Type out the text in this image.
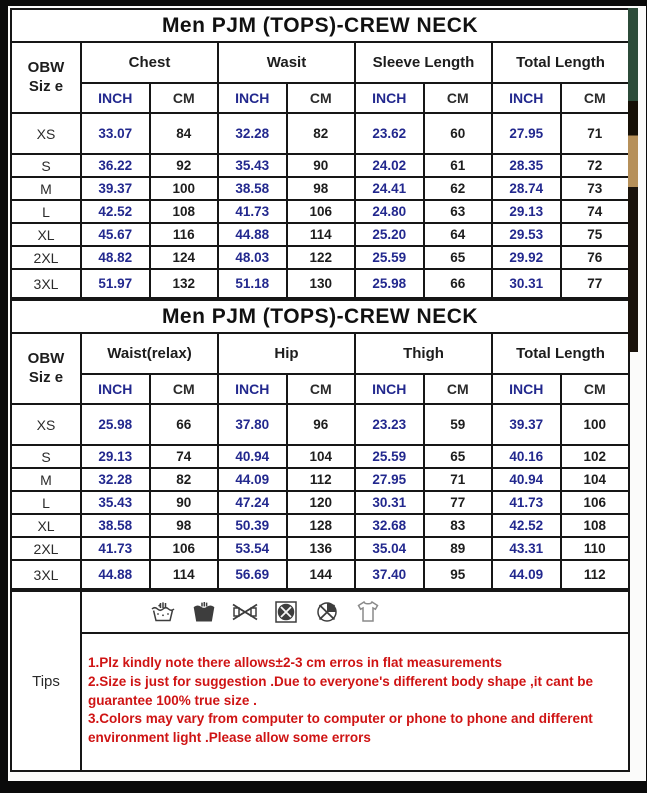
Men PJM (TOPS)-CREW NECK								

OBW
Siz e	Chest		Wasit		Sleeve Length		Total Length	
	INCH	CM	INCH	CM	INCH	CM	INCH	CM
XS	33.07	84	32.28	82	23.62	60	27.95	71
S	36.22	92	35.43	90	24.02	61	28.35	72
M	39.37	100	38.58	98	24.41	62	28.74	73
L	42.52	108	41.73	106	24.80	63	29.13	74
XL	45.67	116	44.88	114	25.20	64	29.53	75
2XL	48.82	124	48.03	122	25.59	65	29.92	76
3XL	51.97	132	51.18	130	25.98	66	30.31	77
Men PJM (TOPS)-CREW NECK								

OBW
Siz e	Waist(relax)		Hip		Thigh		Total Length	
	INCH	CM	INCH	CM	INCH	CM	INCH	CM
XS	25.98	66	37.80	96	23.23	59	39.37	100
S	29.13	74	40.94	104	25.59	65	40.16	102
M	32.28	82	44.09	112	27.95	71	40.94	104
L	35.43	90	47.24	120	30.31	77	41.73	106
XL	38.58	98	50.39	128	32.68	83	42.52	108
2XL	41.73	106	53.54	136	35.04	89	43.31	110
3XL	44.88	114	56.69	144	37.40	95	44.09	112
Tips	

1.Plz kindly note there allows±2-3 cm erros in flat measurements
2.Size is just for suggestion .Due to everyone's different body shape ,it cant be guarantee 100% true size .
3.Colors may vary from computer to computer or phone to phone and different environment light .Please allow some errors
